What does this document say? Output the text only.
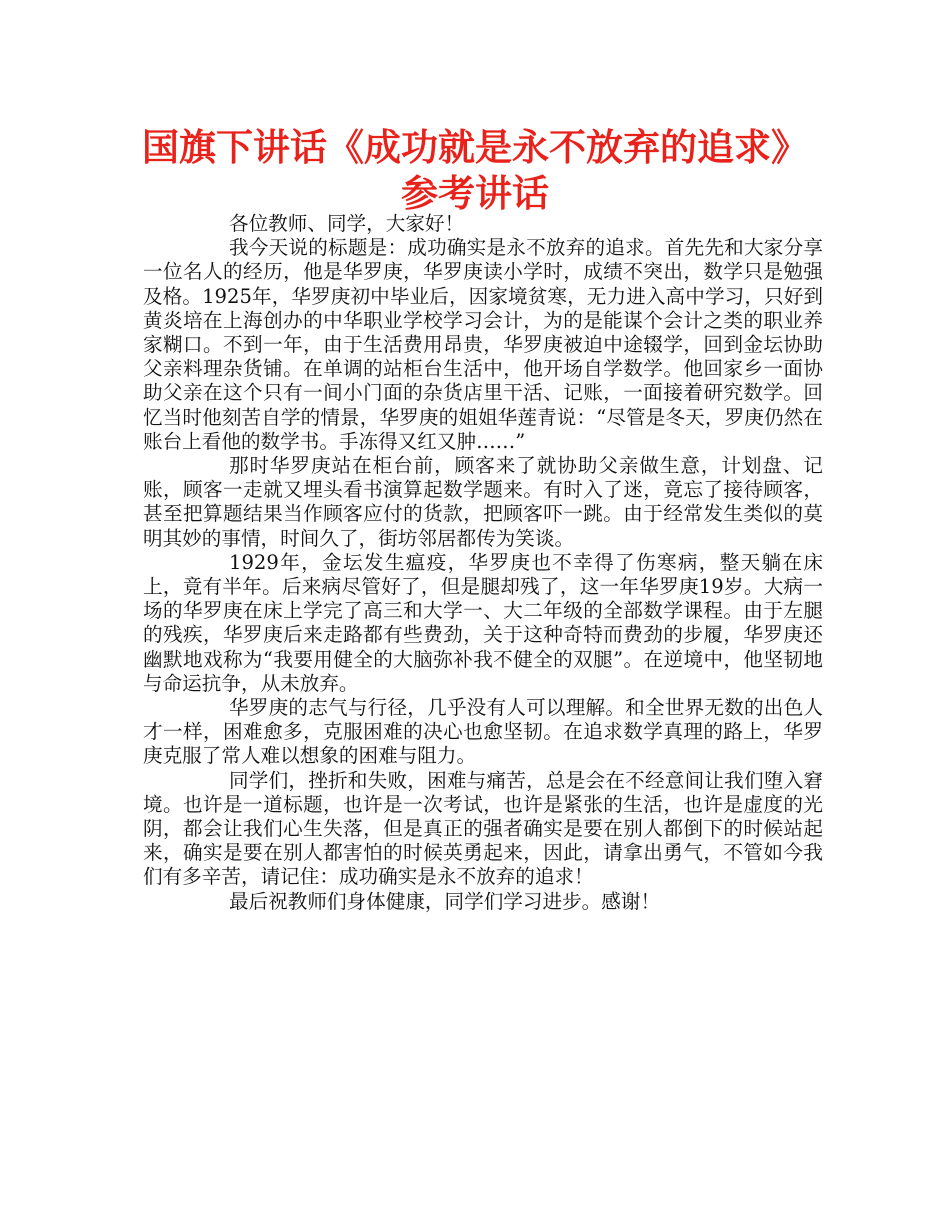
国旗下讲话《成功就是永不放弃的追求》
参考讲话

各位教师、同学，大家好！

我今天说的标题是：成功确实是永不放弃的追求。首先先和大家分享一位名人的经历，他是华罗庚，华罗庚读小学时，成绩不突出，数学只是勉强及格。1925年，华罗庚初中毕业后，因家境贫寒，无力进入高中学习，只好到黄炎培在上海创办的中华职业学校学习会计，为的是能谋个会计之类的职业养家糊口。不到一年，由于生活费用昂贵，华罗庚被迫中途辍学，回到金坛协助父亲料理杂货铺。在单调的站柜台生活中，他开场自学数学。他回家乡一面协助父亲在这个只有一间小门面的杂货店里干活、记账，一面接着研究数学。回忆当时他刻苦自学的情景，华罗庚的姐姐华莲青说：“尽管是冬天，罗庚仍然在账台上看他的数学书。手冻得又红又肿……”

那时华罗庚站在柜台前，顾客来了就协助父亲做生意，计划盘、记账，顾客一走就又埋头看书演算起数学题来。有时入了迷，竟忘了接待顾客，甚至把算题结果当作顾客应付的货款，把顾客吓一跳。由于经常发生类似的莫明其妙的事情，时间久了，街坊邻居都传为笑谈。

1929年，金坛发生瘟疫，华罗庚也不幸得了伤寒病，整天躺在床上，竟有半年。后来病尽管好了，但是腿却残了，这一年华罗庚19岁。大病一场的华罗庚在床上学完了高三和大学一、大二年级的全部数学课程。由于左腿的残疾，华罗庚后来走路都有些费劲，关于这种奇特而费劲的步履，华罗庚还幽默地戏称为“我要用健全的大脑弥补我不健全的双腿”。在逆境中，他坚韧地与命运抗争，从未放弃。

华罗庚的志气与行径，几乎没有人可以理解。和全世界无数的出色人才一样，困难愈多，克服困难的决心也愈坚韧。在追求数学真理的路上，华罗庚克服了常人难以想象的困难与阻力。

同学们，挫折和失败，困难与痛苦，总是会在不经意间让我们堕入窘境。也许是一道标题，也许是一次考试，也许是紧张的生活，也许是虚度的光阴，都会让我们心生失落，但是真正的强者确实是要在别人都倒下的时候站起来，确实是要在别人都害怕的时候英勇起来，因此，请拿出勇气，不管如今我们有多辛苦，请记住：成功确实是永不放弃的追求！

最后祝教师们身体健康，同学们学习进步。感谢！
